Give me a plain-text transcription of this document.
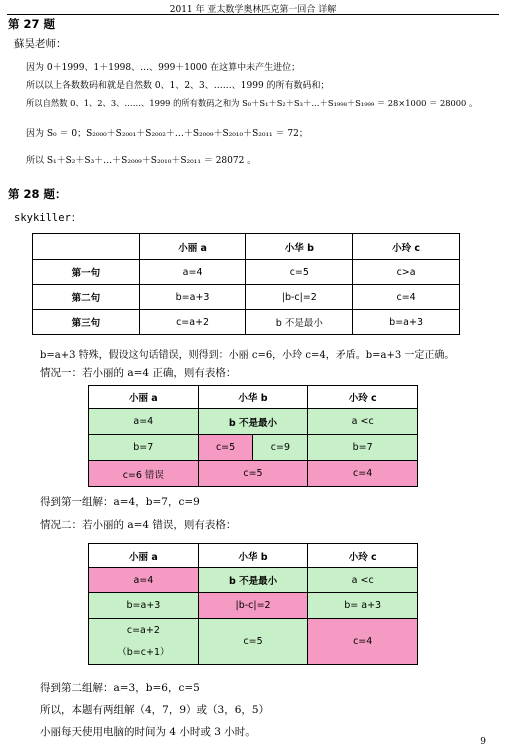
2011 年 亚太数学奥林匹克第一回合 详解
第 27 题
蘇昊老师：
因为 0＋1999、1＋1998、…、999＋1000 在这算中未产生进位；
所以以上各数数码和就是自然数 0、1、2、3、……、1999 的所有数码和；
所以自然数 0、1、2、3、……、1999 的所有数码之和为 S₀＋S₁＋S₂＋S₃＋…＋S₁₉₉₈＋S₁₉₉₉ ＝ 28×1000 ＝ 28000 。
因为 S₀ ＝ 0；S₂₀₀₀＋S₂₀₀₁＋S₂₀₀₂＋…＋S₂₀₀₉＋S₂₀₁₀＋S₂₀₁₁ ＝ 72；
所以 S₁＋S₂＋S₃＋…＋S₂₀₀₉＋S₂₀₁₀＋S₂₀₁₁ ＝ 28072 。
第 28 题：
skykiller：
	小丽 a	小华 b	小玲 c
第一句	a=4	c=5	c>a
第二句	b=a+3	|b-c|=2	c=4
第三句	c=a+2	b 不是最小	b=a+3
b=a+3 特殊，假设这句话错误，则得到：小丽 c=6，小玲 c=4，矛盾。b=a+3 一定正确。
情况一：若小丽的 a=4 正确，则有表格：
小丽 a	小华 b		小玲 c
a=4	b 不是最小		a <c
b=7	c=5	c=9	b=7
c=6 错误	c=5		c=4
得到第一组解：a=4，b=7，c=9
情况二：若小丽的 a=4 错误，则有表格：
小丽 a	小华 b	小玲 c
a=4	b 不是最小	a <c
b=a+3	|b-c|=2	b= a+3

c=a+2
（b=c+1）	c=5	c=4
得到第二组解：a=3，b=6，c=5
所以，本题有两组解（4，7，9）或（3，6，5）
小丽每天使用电脑的时间为 4 小时或 3 小时。
9
